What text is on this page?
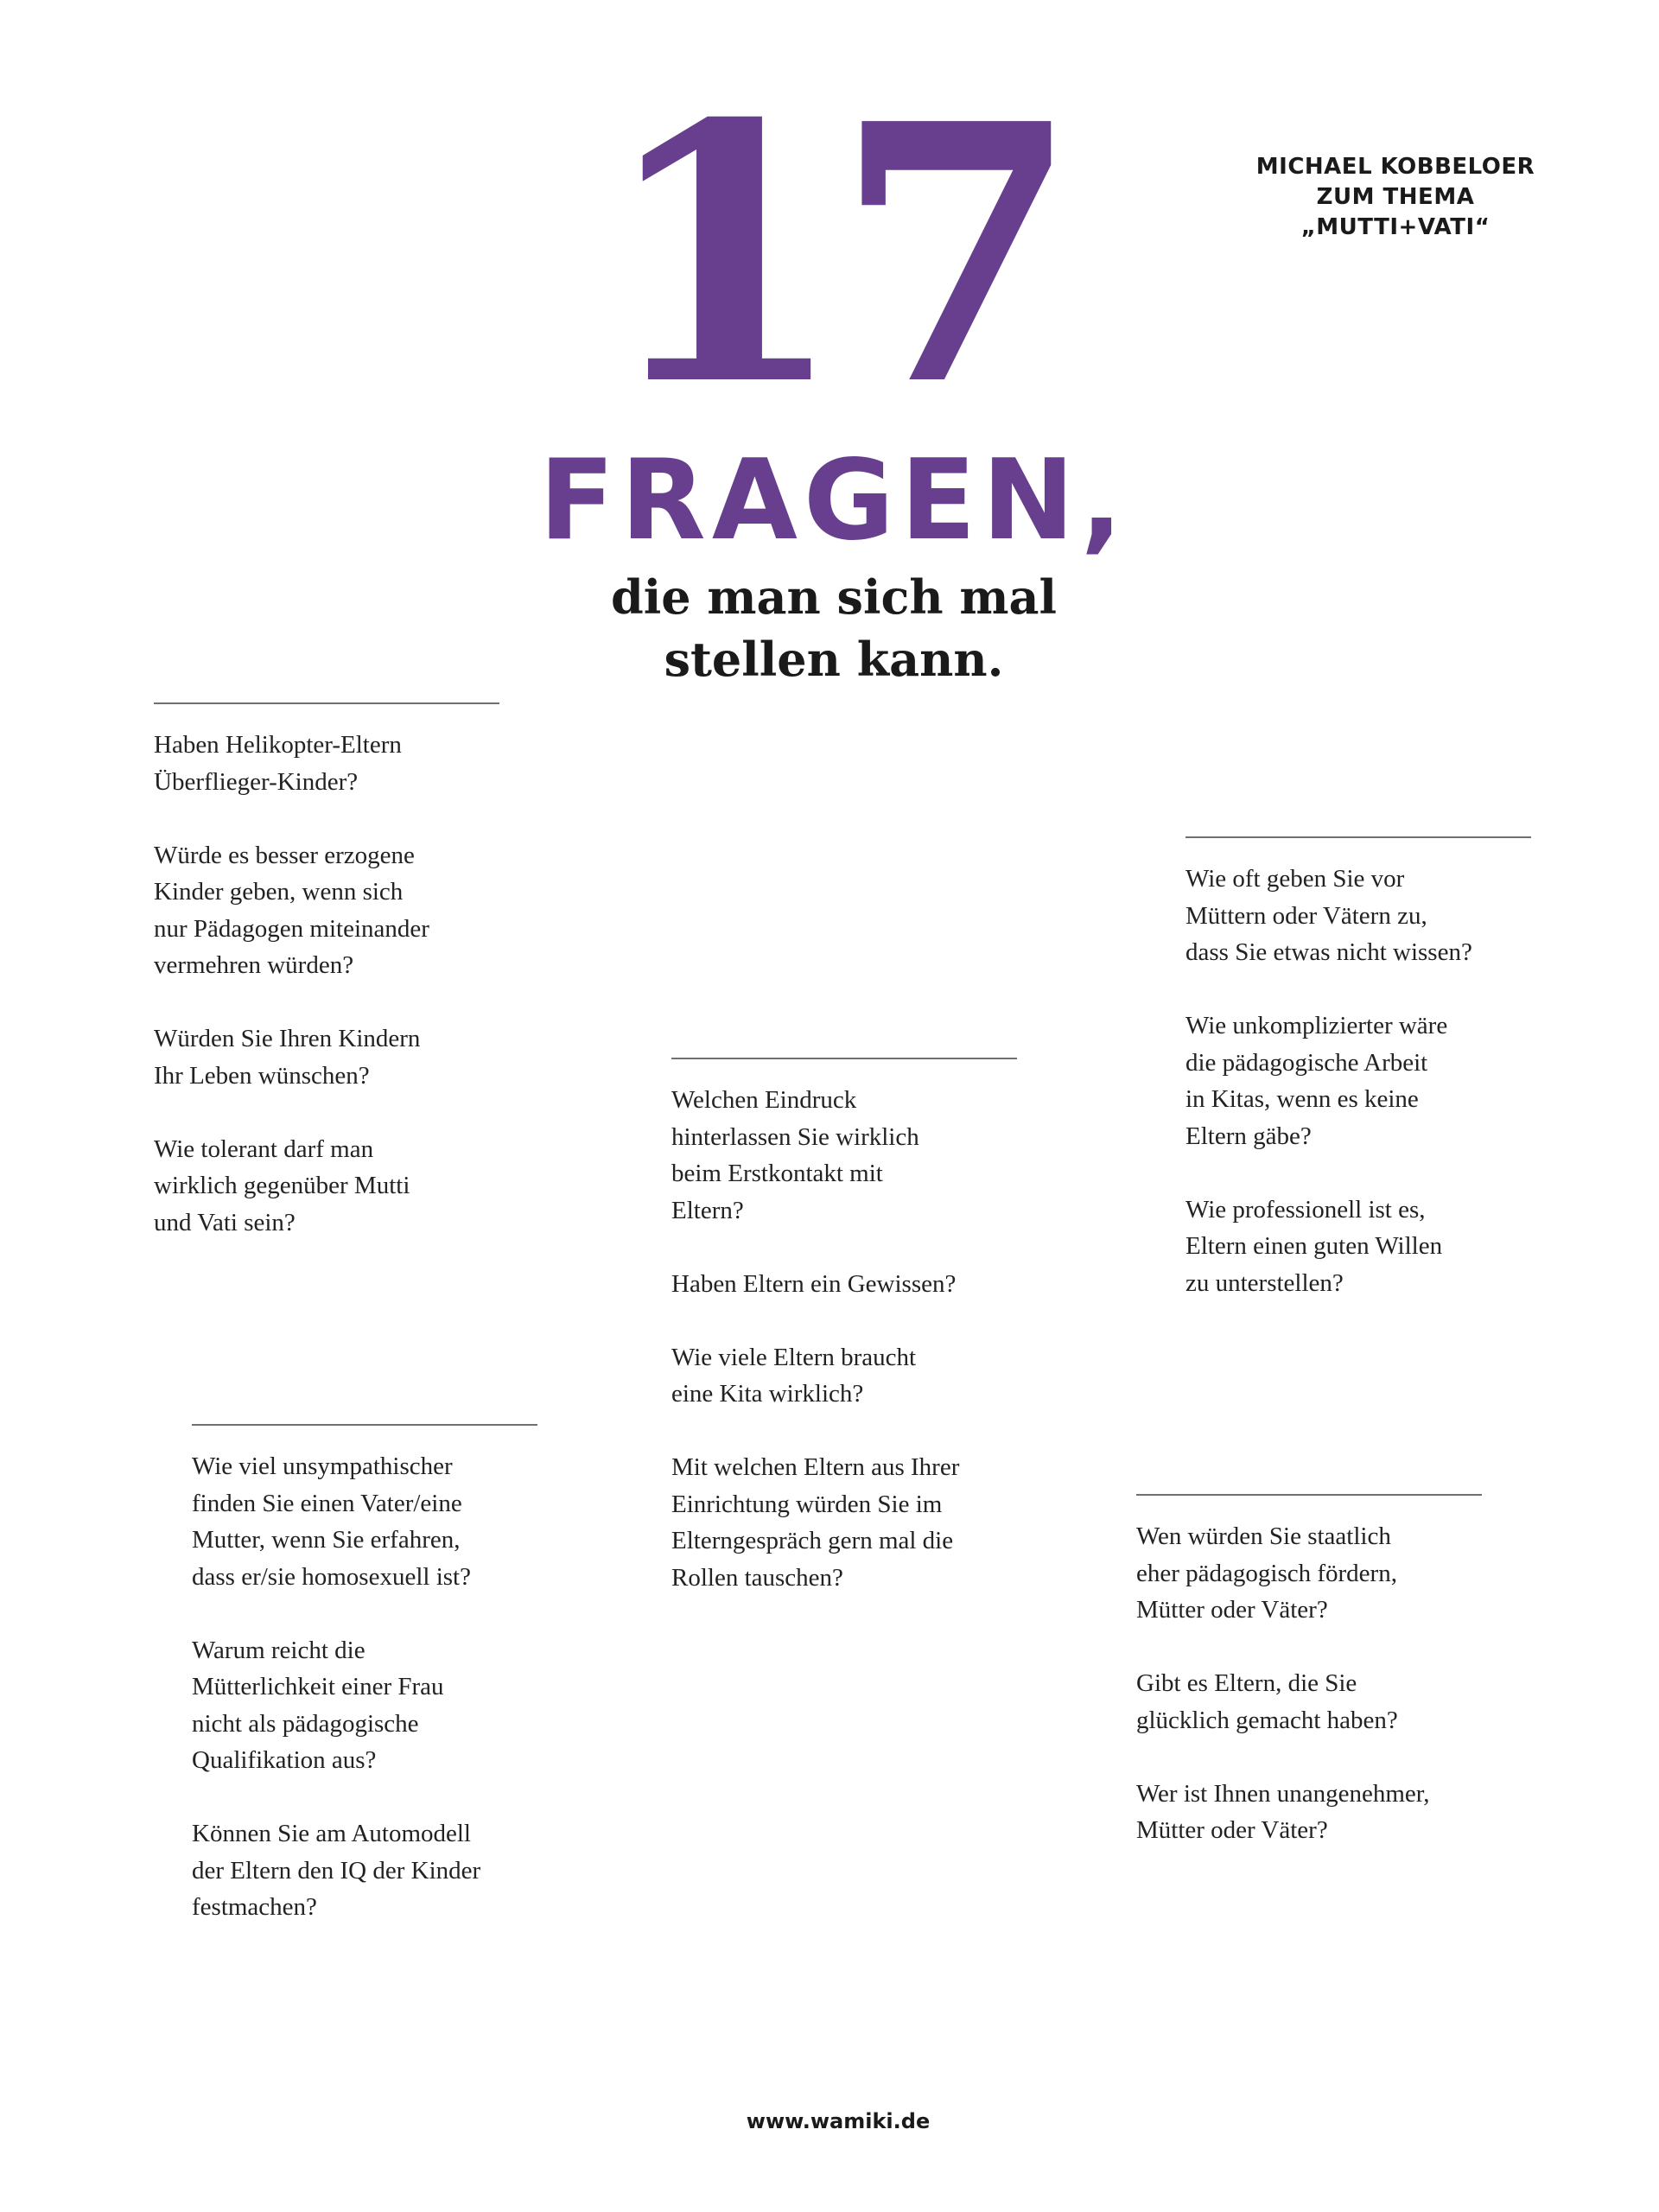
MICHAEL KOBBELOER
ZUM THEMA
„MUTTI+VATI“
17
FRAGEN,
die man sich mal
stellen kann.
Haben Helikopter-Eltern
Überflieger-Kinder?
Würde es besser erzogene
Kinder geben, wenn sich
nur Pädagogen miteinander
vermehren würden?
Würden Sie Ihren Kindern
Ihr Leben wünschen?
Wie tolerant darf man
wirklich gegenüber Mutti
und Vati sein?
Wie oft geben Sie vor
Müttern oder Vätern zu,
dass Sie etwas nicht wissen?
Wie unkomplizierter wäre
die pädagogische Arbeit
in Kitas, wenn es keine
Eltern gäbe?
Wie professionell ist es,
Eltern einen guten Willen
zu unterstellen?
Welchen Eindruck
hinterlassen Sie wirklich
beim Erstkontakt mit
Eltern?
Haben Eltern ein Gewissen?
Wie viele Eltern braucht
eine Kita wirklich?
Mit welchen Eltern aus Ihrer
Einrichtung würden Sie im
Elterngespräch gern mal die
Rollen tauschen?
Wie viel unsympathischer
finden Sie einen Vater/eine
Mutter, wenn Sie erfahren,
dass er/sie homosexuell ist?
Warum reicht die
Mütterlichkeit einer Frau
nicht als pädagogische
Qualifikation aus?
Können Sie am Automodell
der Eltern den IQ der Kinder
festmachen?
Wen würden Sie staatlich
eher pädagogisch fördern,
Mütter oder Väter?
Gibt es Eltern, die Sie
glücklich gemacht haben?
Wer ist Ihnen unangenehmer,
Mütter oder Väter?
www.wamiki.de
